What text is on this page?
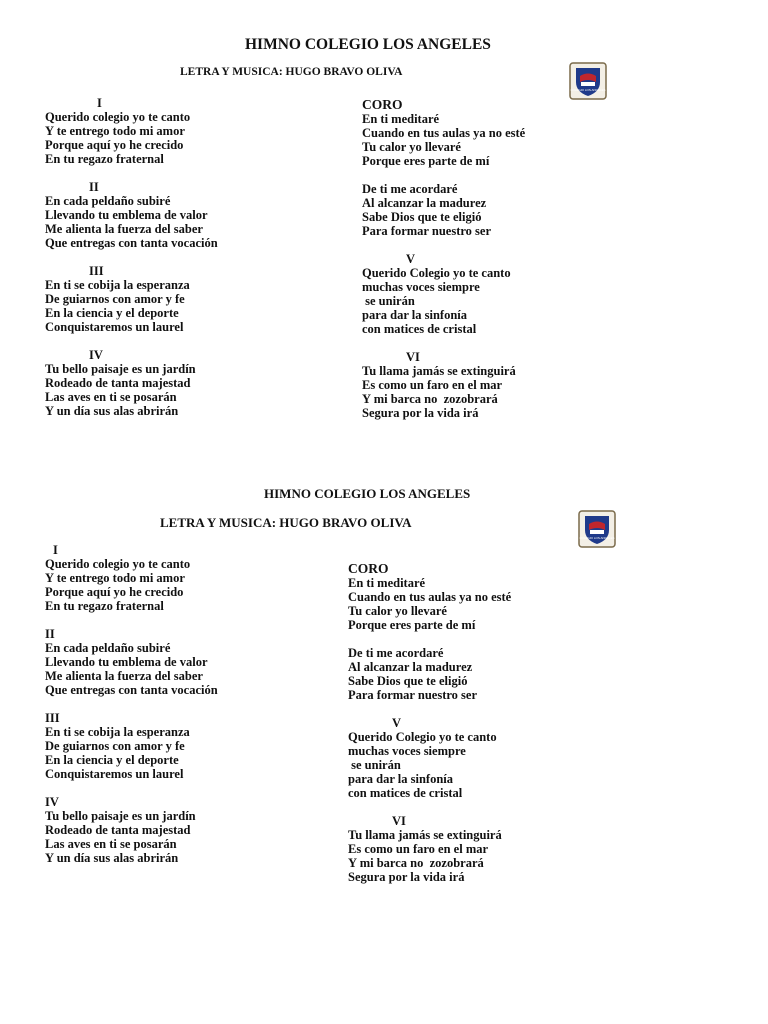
HIMNO COLEGIO LOS ANGELES
LETRA Y MUSICA: HUGO BRAVO OLIVA
COLEGIO LOS ANGELES
I
Querido colegio yo te canto
Y te entrego todo mi amor
Porque aquí yo he crecido
En tu regazo fraternal
II
En cada peldaño subiré
Llevando tu emblema de valor
Me alienta la fuerza del saber
Que entregas con tanta vocación
III
En ti se cobija la esperanza
De guiarnos con amor y fe
En la ciencia y el deporte
Conquistaremos un laurel
IV
Tu bello paisaje es un jardín
Rodeado de tanta majestad
Las aves en ti se posarán
Y un día sus alas abrirán
CORO
En ti meditaré
Cuando en tus aulas ya no esté
Tu calor yo llevaré
Porque eres parte de mí
De ti me acordaré
Al alcanzar la madurez
Sabe Dios que te eligió
Para formar nuestro ser
V
Querido Colegio yo te canto
muchas voces siempre
se unirán
para dar la sinfonía
con matices de cristal
VI
Tu llama jamás se extinguirá
Es como un faro en el mar
Y mi barca no  zozobrará
Segura por la vida irá
HIMNO COLEGIO LOS ANGELES
LETRA Y MUSICA: HUGO BRAVO OLIVA
COLEGIO LOS ANGELES
I
Querido colegio yo te canto
Y te entrego todo mi amor
Porque aquí yo he crecido
En tu regazo fraternal
II
En cada peldaño subiré
Llevando tu emblema de valor
Me alienta la fuerza del saber
Que entregas con tanta vocación
III
En ti se cobija la esperanza
De guiarnos con amor y fe
En la ciencia y el deporte
Conquistaremos un laurel
IV
Tu bello paisaje es un jardín
Rodeado de tanta majestad
Las aves en ti se posarán
Y un día sus alas abrirán
CORO
En ti meditaré
Cuando en tus aulas ya no esté
Tu calor yo llevaré
Porque eres parte de mí
De ti me acordaré
Al alcanzar la madurez
Sabe Dios que te eligió
Para formar nuestro ser
V
Querido Colegio yo te canto
muchas voces siempre
se unirán
para dar la sinfonía
con matices de cristal
VI
Tu llama jamás se extinguirá
Es como un faro en el mar
Y mi barca no  zozobrará
Segura por la vida irá
